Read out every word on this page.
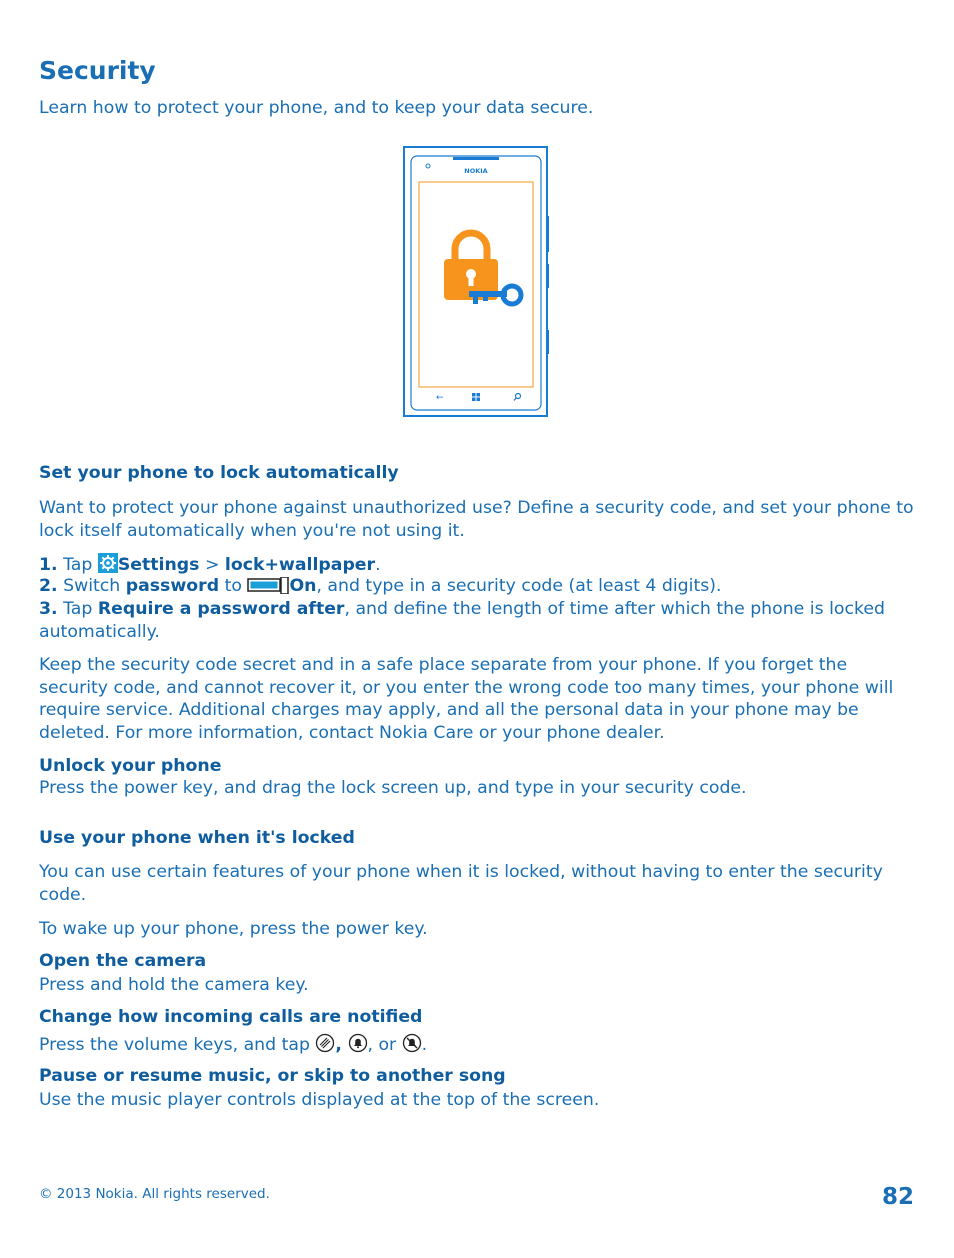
Security
Learn how to protect your phone, and to keep your data secure.
NOKIA
←
Set your phone to lock automatically
Want to protect your phone against unauthorized use? Define a security code, and set your phone to lock itself automatically when you're not using it.
1. Tap Settings > lock+wallpaper.
2. Switch password to	On, and type in a security code (at least 4 digits).
3. Tap Require a password after, and define the length of time after which the phone is locked automatically.
Keep the security code secret and in a safe place separate from your phone. If you forget the security code, and cannot recover it, or you enter the wrong code too many times, your phone will require service. Additional charges may apply, and all the personal data in your phone may be deleted. For more information, contact Nokia Care or your phone dealer.
Unlock your phone
Press the power key, and drag the lock screen up, and type in your security code.
Use your phone when it's locked
You can use certain features of your phone when it is locked, without having to enter the security code.
To wake up your phone, press the power key.
Open the camera
Press and hold the camera key.
Change how incoming calls are notified
Press the volume keys, and tap , , or .
Pause or resume music, or skip to another song
Use the music player controls displayed at the top of the screen.
© 2013 Nokia. All rights reserved.	82
